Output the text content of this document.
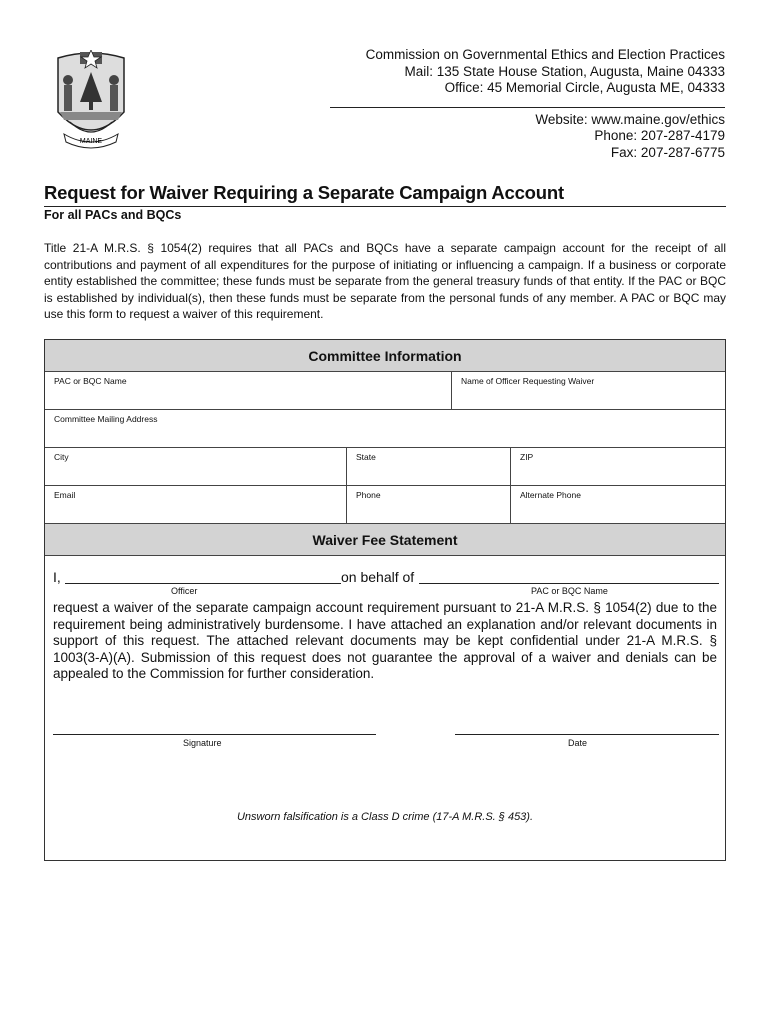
MAINE
Commission on Governmental Ethics and Election Practices
Mail: 135 State House Station, Augusta, Maine 04333
Office: 45 Memorial Circle, Augusta ME, 04333
Website: www.maine.gov/ethics
Phone: 207-287-4179
Fax: 207-287-6775
Request for Waiver Requiring a Separate Campaign Account
For all PACs and BQCs
Title 21-A M.R.S. § 1054(2) requires that all PACs and BQCs have a separate campaign account for the receipt of all contributions and payment of all expenditures for the purpose of initiating or influencing a campaign. If a business or corporate entity established the committee; these funds must be separate from the general treasury funds of that entity. If the PAC or BQC is established by individual(s), then these funds must be separate from the personal funds of any member. A PAC or BQC may use this form to request a waiver of this requirement.
Committee Information
PAC or BQC Name	Name of Officer Requesting Waiver
Committee Mailing Address
City	State	ZIP
Email	Phone	Alternate Phone
Waiver Fee Statement
I,	on behalf of
Officer	PAC or BQC Name
request a waiver of the separate campaign account requirement pursuant to 21-A M.R.S. § 1054(2) due to the requirement being administratively burdensome. I have attached an explanation and/or relevant documents in support of this request. The attached relevant documents may be kept confidential under 21-A M.R.S. § 1003(3-A)(A). Submission of this request does not guarantee the approval of a waiver and denials can be appealed to the Commission for further consideration.
Signature	Date
Unsworn falsification is a Class D crime (17-A M.R.S. § 453).
